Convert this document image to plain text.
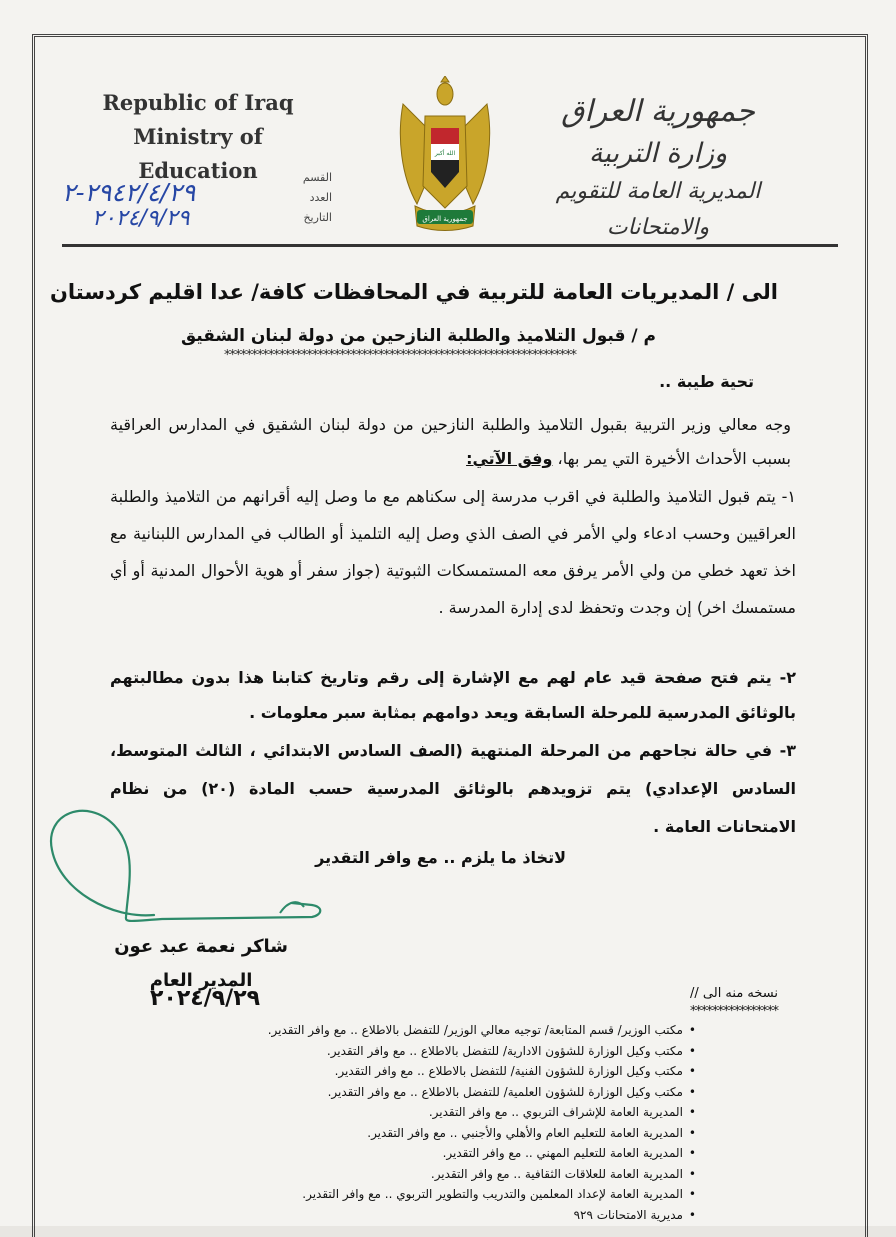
Republic of Iraq
Ministry of Education	القسم
العدد
التاريخ
٢٩٤٢/٤/٢٩-٢
٢٠٢٤/٩/٢٩
الله أكبر
جمهورية العراق
جمهورية العراق
وزارة التربية
المديرية العامة للتقويم والامتحانات
الى / المديريات العامة للتربية في المحافظات كافة/ عدا اقليم كردستان
م / قبول التلاميذ والطلبة النازحين من دولة لبنان الشقيق
****************************************************************
تحية طيبة ..
وجه معالي وزير التربية بقبول التلاميذ والطلبة النازحين من دولة لبنان الشقيق في المدارس العراقية بسبب الأحداث الأخيرة التي يمر بها، وفق الآتي:
١- يتم قبول التلاميذ والطلبة في اقرب مدرسة إلى سكناهم مع ما وصل إليه أقرانهم من التلاميذ والطلبة العراقيين وحسب ادعاء ولي الأمر في الصف الذي وصل إليه التلميذ أو الطالب في المدارس اللبنانية مع اخذ تعهد خطي من ولي الأمر يرفق معه المستمسكات الثبوتية (جواز سفر أو هوية الأحوال المدنية أو أي مستمسك اخر) إن وجدت وتحفظ لدى إدارة المدرسة .
٢- يتم فتح صفحة قيد عام لهم مع الإشارة إلى رقم وتاريخ كتابنا هذا بدون مطالبتهم بالوثائق المدرسية للمرحلة السابقة ويعد دوامهم بمثابة سبر معلومات .
٣- في حالة نجاحهم من المرحلة المنتهية (الصف السادس الابتدائي ، الثالث المتوسط، السادس الإعدادي) يتم تزويدهم بالوثائق المدرسية حسب المادة (٢٠) من نظام الامتحانات العامة .
لاتخاذ ما يلزم .. مع وافر التقدير
شاكر نعمة عبد عون
المدير العام
٢٠٢٤/٩/٢٩	نسخه منه الى //
****************
• مكتب الوزير/ قسم المتابعة/ توجيه معالي الوزير/ للتفضل بالاطلاع .. مع وافر التقدير.
• مكتب وكيل الوزارة للشؤون الادارية/ للتفضل بالاطلاع .. مع وافر التقدير.
• مكتب وكيل الوزارة للشؤون الفنية/ للتفضل بالاطلاع .. مع وافر التقدير.
• مكتب وكيل الوزارة للشؤون العلمية/ للتفضل بالاطلاع .. مع وافر التقدير.
• المديرية العامة للإشراف التربوي .. مع وافر التقدير.
• المديرية العامة للتعليم العام والأهلي والأجنبي .. مع وافر التقدير.
• المديرية العامة للتعليم المهني .. مع وافر التقدير.
• المديرية العامة للعلاقات الثقافية .. مع وافر التقدير.
• المديرية العامة لإعداد المعلمين والتدريب والتطوير التربوي .. مع وافر التقدير.
• مديرية الامتحانات ٩٢٩
